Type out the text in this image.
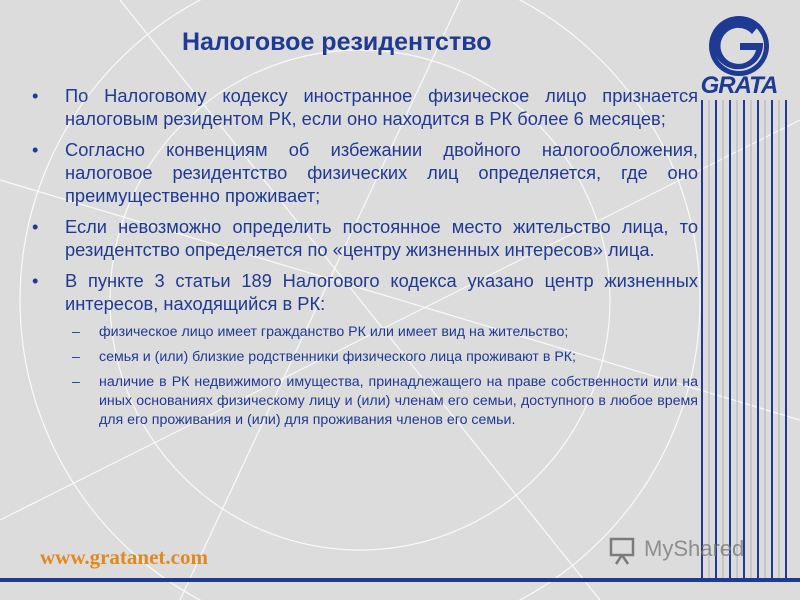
Налоговое резидентство
GRATA
•	По Налоговому кодексу иностранное физическое лицо признается налоговым резидентом РК, если оно находится в РК более 6 месяцев;
•	Согласно конвенциям об избежании двойного налогообложения, налоговое резидентство физических лиц определяется, где оно преимущественно проживает;
•	Если невозможно определить постоянное место жительство лица, то резидентство определяется по «центру жизненных интересов» лица.
•	В пункте 3 статьи 189 Налогового кодекса указано центр жизненных интересов, находящийся в РК:
–	физическое лицо имеет гражданство РК или имеет вид на жительство;
–	семья и (или) близкие родственники физического лица проживают в РК;
–	наличие в РК недвижимого имущества, принадлежащего на праве собственности или на иных основаниях физическому лицу и (или) членам его семьи, доступного в любое время для его проживания и (или) для проживания членов его семьи.
www.gratanet.com	MyShared
